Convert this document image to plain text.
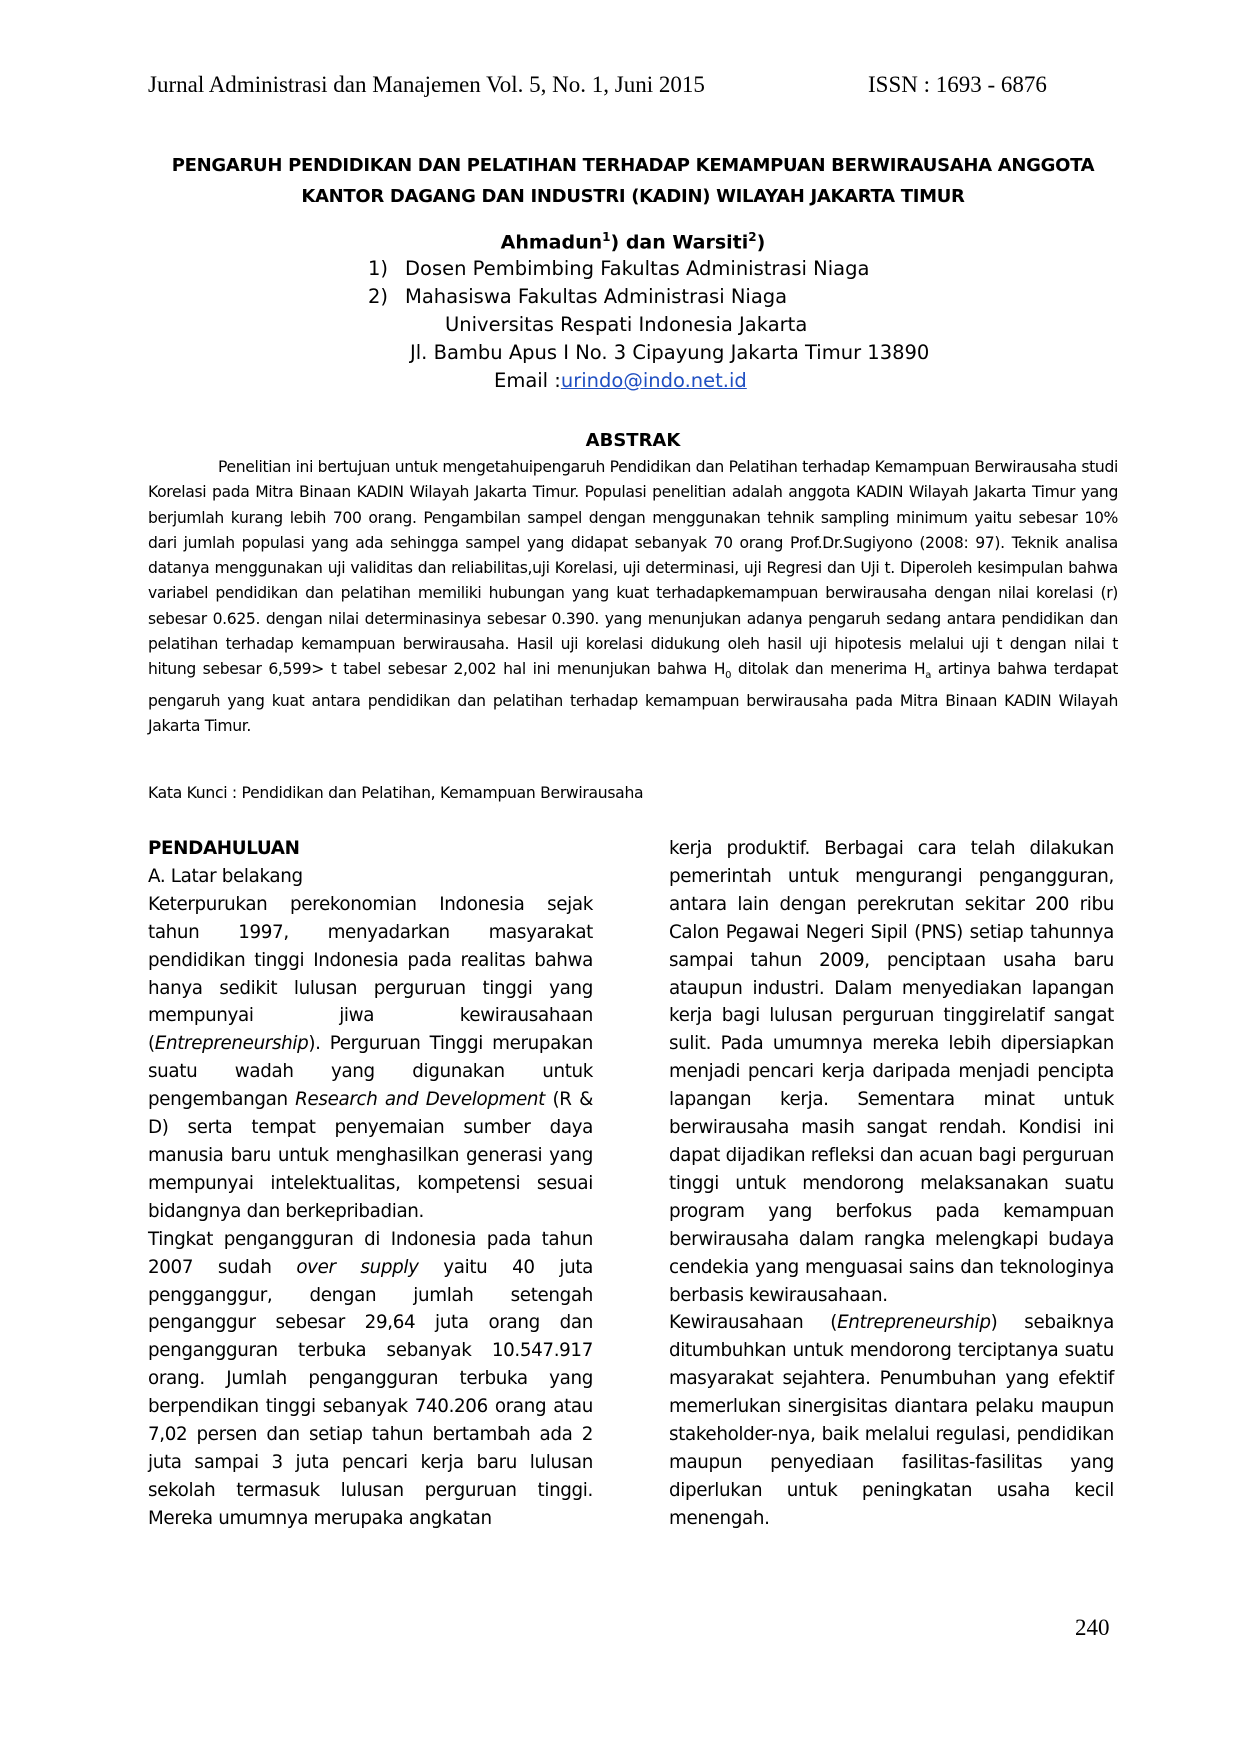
Jurnal Administrasi dan Manajemen Vol. 5, No. 1, Juni 2015	ISSN : 1693 - 6876
PENGARUH PENDIDIKAN DAN PELATIHAN TERHADAP KEMAMPUAN BERWIRAUSAHA ANGGOTA
KANTOR DAGANG DAN INDUSTRI (KADIN) WILAYAH JAKARTA TIMUR
Ahmadun$^1$) dan Warsiti$^2$)
1) Dosen Pembimbing Fakultas Administrasi Niaga
2) Mahasiswa Fakultas Administrasi Niaga
Universitas Respati Indonesia Jakarta
Jl. Bambu Apus I No. 3 Cipayung Jakarta Timur 13890
Email :urindo@indo.net.id
ABSTRAK

Penelitian ini bertujuan untuk mengetahuipengaruh Pendidikan dan Pelatihan terhadap Kemampuan Berwirausaha studi Korelasi pada Mitra Binaan KADIN Wilayah Jakarta Timur. Populasi penelitian adalah anggota KADIN Wilayah Jakarta Timur yang berjumlah kurang lebih 700 orang. Pengambilan sampel dengan menggunakan tehnik sampling minimum yaitu sebesar 10% dari jumlah populasi yang ada sehingga sampel yang didapat sebanyak 70 orang Prof.Dr.Sugiyono (2008: 97). Teknik analisa datanya menggunakan uji validitas dan reliabilitas,uji Korelasi, uji determinasi, uji Regresi dan Uji t. Diperoleh kesimpulan bahwa variabel pendidikan dan pelatihan memiliki hubungan yang kuat terhadapkemampuan berwirausaha dengan nilai korelasi (r) sebesar 0.625. dengan nilai determinasinya sebesar 0.390. yang menunjukan adanya pengaruh sedang antara pendidikan dan pelatihan terhadap kemampuan berwirausaha. Hasil uji korelasi didukung oleh hasil uji hipotesis melalui uji t dengan nilai t hitung sebesar 6,599> t tabel sebesar 2,002 hal ini menunjukan bahwa $H_0$ ditolak dan menerima $H_a$ artinya bahwa terdapat pengaruh yang kuat antara pendidikan dan pelatihan terhadap kemampuan berwirausaha pada Mitra Binaan KADIN Wilayah Jakarta Timur.

Kata Kunci : Pendidikan dan Pelatihan, Kemampuan Berwirausaha
PENDAHULUAN
A. Latar belakang

Keterpurukan perekonomian Indonesia sejak tahun 1997, menyadarkan masyarakat pendidikan tinggi Indonesia pada realitas bahwa hanya sedikit lulusan perguruan tinggi yang mempunyai jiwa kewirausahaan (Entrepreneurship). Perguruan Tinggi merupakan suatu wadah yang digunakan untuk pengembangan Research and Development (R & D) serta tempat penyemaian sumber daya manusia baru untuk menghasilkan generasi yang mempunyai intelektualitas, kompetensi sesuai bidangnya dan berkepribadian.

Tingkat pengangguran di Indonesia pada tahun 2007 sudah over supply yaitu 40 juta pengganggur, dengan jumlah setengah penganggur sebesar 29,64 juta orang dan pengangguran terbuka sebanyak 10.547.917 orang. Jumlah pengangguran terbuka yang berpendikan tinggi sebanyak 740.206 orang atau 7,02 persen dan setiap tahun bertambah ada 2 juta sampai 3 juta pencari kerja baru lulusan sekolah termasuk lulusan perguruan tinggi. Mereka umumnya merupaka angkatan

kerja produktif. Berbagai cara telah dilakukan pemerintah untuk mengurangi pengangguran, antara lain dengan perekrutan sekitar 200 ribu Calon Pegawai Negeri Sipil (PNS) setiap tahunnya sampai tahun 2009, penciptaan usaha baru ataupun industri. Dalam menyediakan lapangan kerja bagi lulusan perguruan tinggirelatif sangat sulit. Pada umumnya mereka lebih dipersiapkan menjadi pencari kerja daripada menjadi pencipta lapangan kerja. Sementara minat untuk berwirausaha masih sangat rendah. Kondisi ini dapat dijadikan refleksi dan acuan bagi perguruan tinggi untuk mendorong melaksanakan suatu program yang berfokus pada kemampuan berwirausaha dalam rangka melengkapi budaya cendekia yang menguasai sains dan teknologinya berbasis kewirausahaan.

Kewirausahaan (Entrepreneurship) sebaiknya ditumbuhkan untuk mendorong terciptanya suatu masyarakat sejahtera. Penumbuhan yang efektif memerlukan sinergisitas diantara pelaku maupun stakeholder-nya, baik melalui regulasi, pendidikan maupun penyediaan fasilitas-fasilitas yang diperlukan untuk peningkatan usaha kecil menengah.

240
